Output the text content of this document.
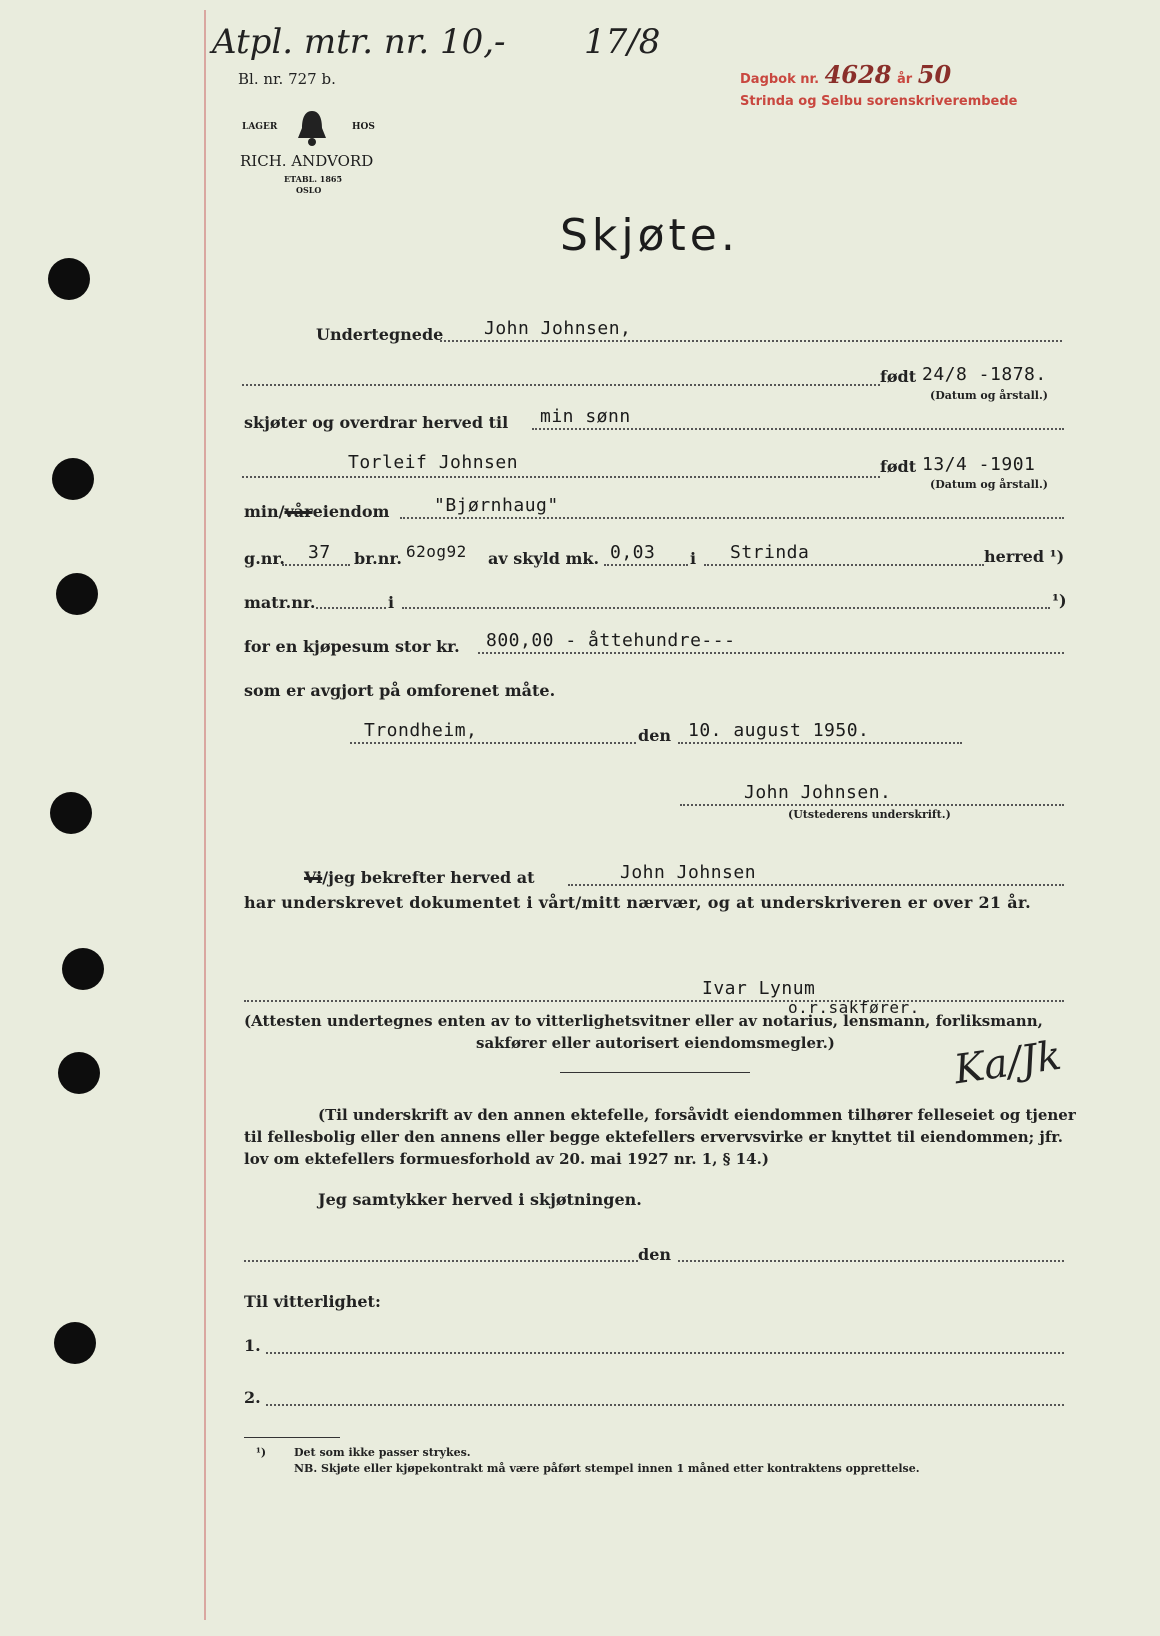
Atpl. mtr. nr. 10,- 17/8
Bl. nr. 727 b.	Dagbok nr. 4628 år 50
Strinda og Selbu sorenskriverembede
LAGER	HOS
RICH. ANDVORD
ETABL. 1865
OSLO
Skjøte.
Undertegnede John Johnsen,
født 24/8 -1878.
(Datum og årstall.)
skjøter og overdrar herved til min sønn
Torleif Johnsen	født 13/4 -1901
(Datum og årstall.)
min/våreiendom "Bjørnhaug"
g.nr. 37 br.nr. 62og92 av skyld mk. 0,03 i Strinda	herred ¹)
matr.nr.	i	¹)
for en kjøpesum stor kr. 800,00 - åttehundre---
som er avgjort på omforenet måte.
Trondheim,	den 10. august 1950.
John Johnsen.
(Utstederens underskrift.)
Vi/jeg bekrefter herved at	John Johnsen
har underskrevet dokumentet i vårt/mitt nærvær, og at underskriveren er over 21 år.
Ivar Lynum
o.r.sakfører.
(Attesten undertegnes enten av to vitterlighetsvitner eller av notarius, lensmann, forliksmann,
sakfører eller autorisert eiendomsmegler.)	Ka/Jk
(Til underskrift av den annen ektefelle, forsåvidt eiendommen tilhører felleseiet og tjener
til fellesbolig eller den annens eller begge ektefellers ervervsvirke er knyttet til eiendommen; jfr.
lov om ektefellers formuesforhold av 20. mai 1927 nr. 1, § 14.)
Jeg samtykker herved i skjøtningen.
den
Til vitterlighet:
1.
2.
¹)	Det som ikke passer strykes.
NB. Skjøte eller kjøpekontrakt må være påført stempel innen 1 måned etter kontraktens opprettelse.
